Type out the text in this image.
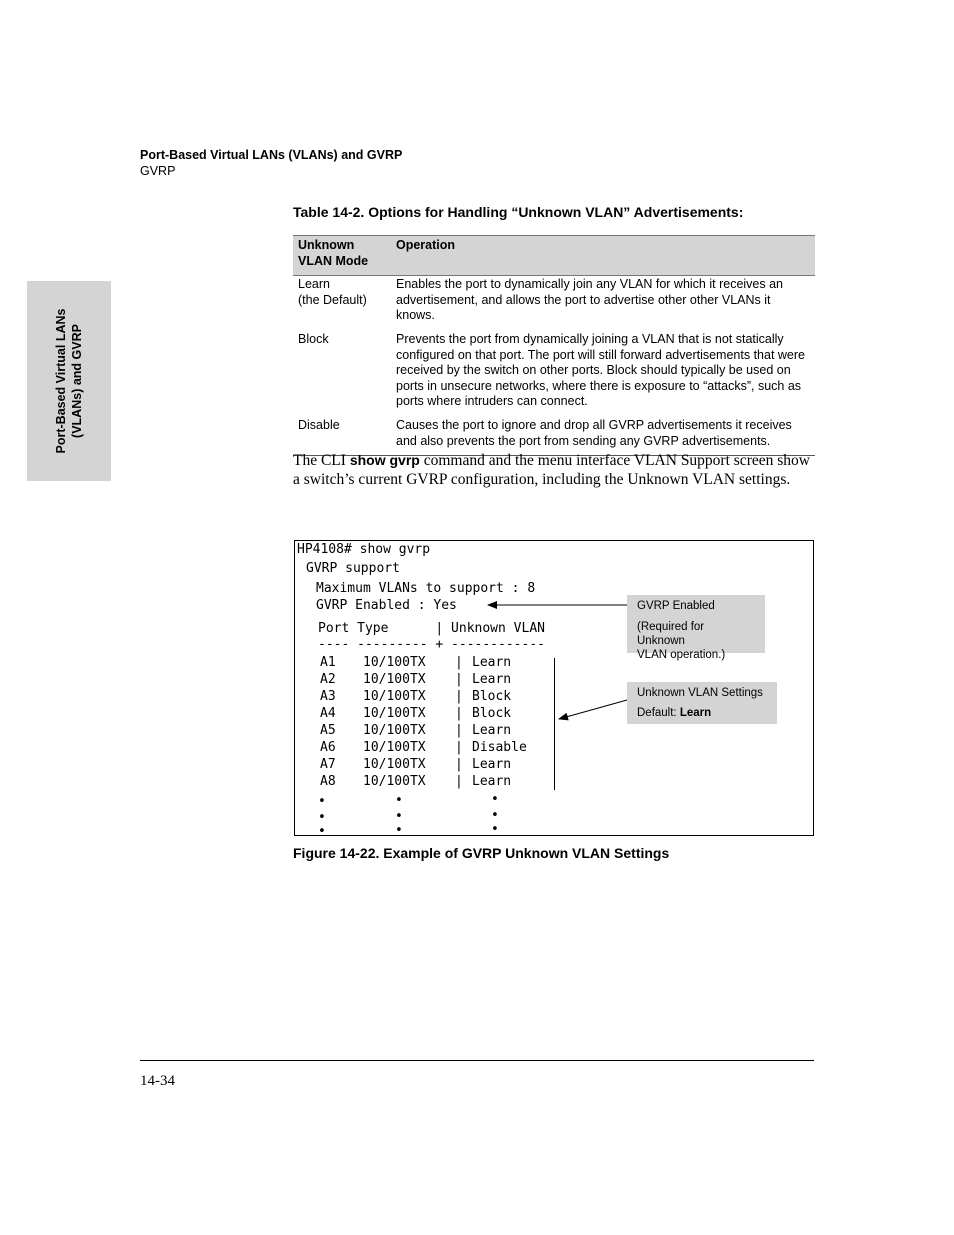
Port-Based Virtual LANs
(VLANs) and GVRP
Port-Based Virtual LANs (VLANs) and GVRP
GVRP
Table 14-2. Options for Handling “Unknown VLAN” Advertisements:
Unknown VLAN Mode	Operation
Learn
(the Default)	Enables the port to dynamically join any VLAN for which it receives an advertisement, and allows the port to advertise other other VLANs it knows.
Block	Prevents the port from dynamically joining a VLAN that is not statically configured on that port. The port will still forward advertisements that were received by the switch on other ports. Block should typically be used on ports in unsecure networks, where there is exposure to “attacks”, such as ports where intruders can connect.
Disable	Causes the port to ignore and drop all GVRP advertisements it receives and also prevents the port from sending any GVRP advertisements.
The CLI show gvrp command and the menu interface VLAN Support screen show a switch’s current GVRP configuration, including the Unknown VLAN settings.
HP4108# show gvrp
GVRP support
Maximum VLANs to support : 8
GVRP Enabled : Yes
Port Type      | Unknown VLAN
---- --------- + ------------
A1 10/100TX	Learn
A2 10/100TX	Learn
A3 10/100TX	Block
A4 10/100TX	Block
A5 10/100TX	Learn
A6 10/100TX	Disable
A7 10/100TX	Learn
A8 10/100TX	Learn
|
|
|
|
|
|
|
|
•	•	•
•	•	•
•	•	•
GVRP Enabled
(Required for Unknown
VLAN operation.)
Unknown VLAN Settings
Default: Learn
Figure 14-22. Example of GVRP Unknown VLAN Settings
14-34
